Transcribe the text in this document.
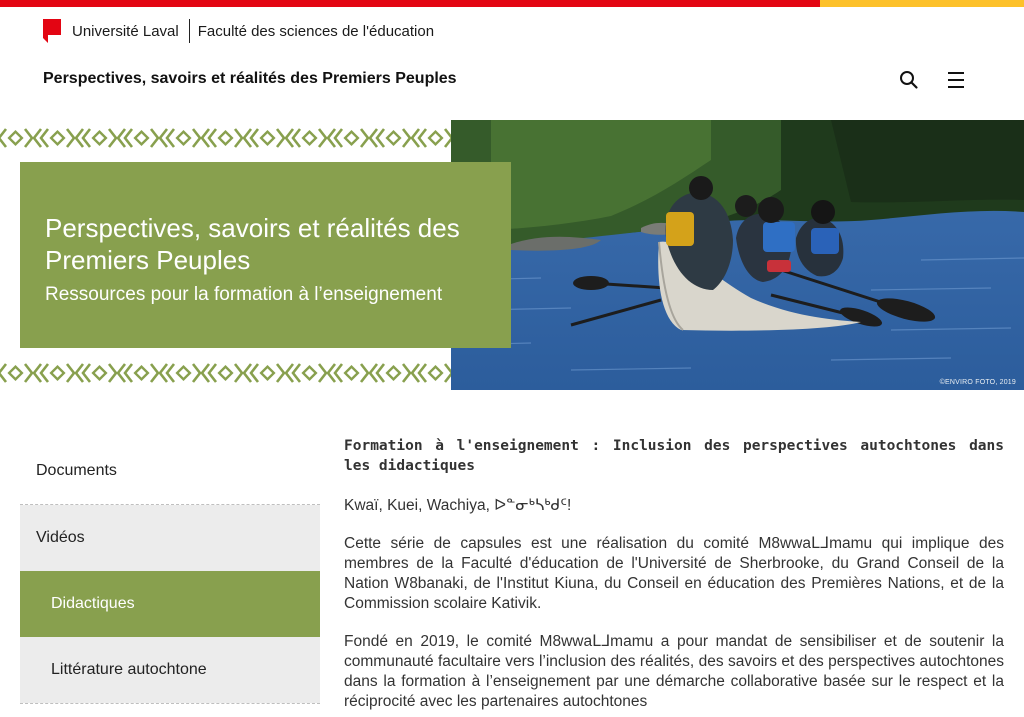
Université Laval Faculté des sciences de l'éducation
Perspectives, savoirs et réalités des Premiers Peuples
©ENVIRO FOTO, 2019
Perspectives, savoirs et réalités des Premiers Peuples
Ressources pour la formation à l’enseignement
Documents
Vidéos
Didactiques
Littérature autochtone
Formation à l'enseignement : Inclusion des perspectives autochtones dans les didactiques

Kwaï, Kuei, Wachiya, ᐅᓐᓂᒃᓴᒃᑯᑦ!

Cette série de capsules est une réalisation du comité M8wwaᒪᒧmamu qui implique des membres de la Faculté d'éducation de l'Université de Sherbrooke, du Grand Conseil de la Nation W8banaki, de l'Institut Kiuna, du Conseil en éducation des Premières Nations, et de la Commission scolaire Kativik.

Fondé en 2019, le comité M8wwaᒪᒧmamu a pour mandat de sensibiliser et de soutenir la communauté facultaire vers l’inclusion des réalités, des savoirs et des perspectives autochtones dans la formation à l’enseignement par une démarche collaborative basée sur le respect et la réciprocité avec les partenaires autochtones
